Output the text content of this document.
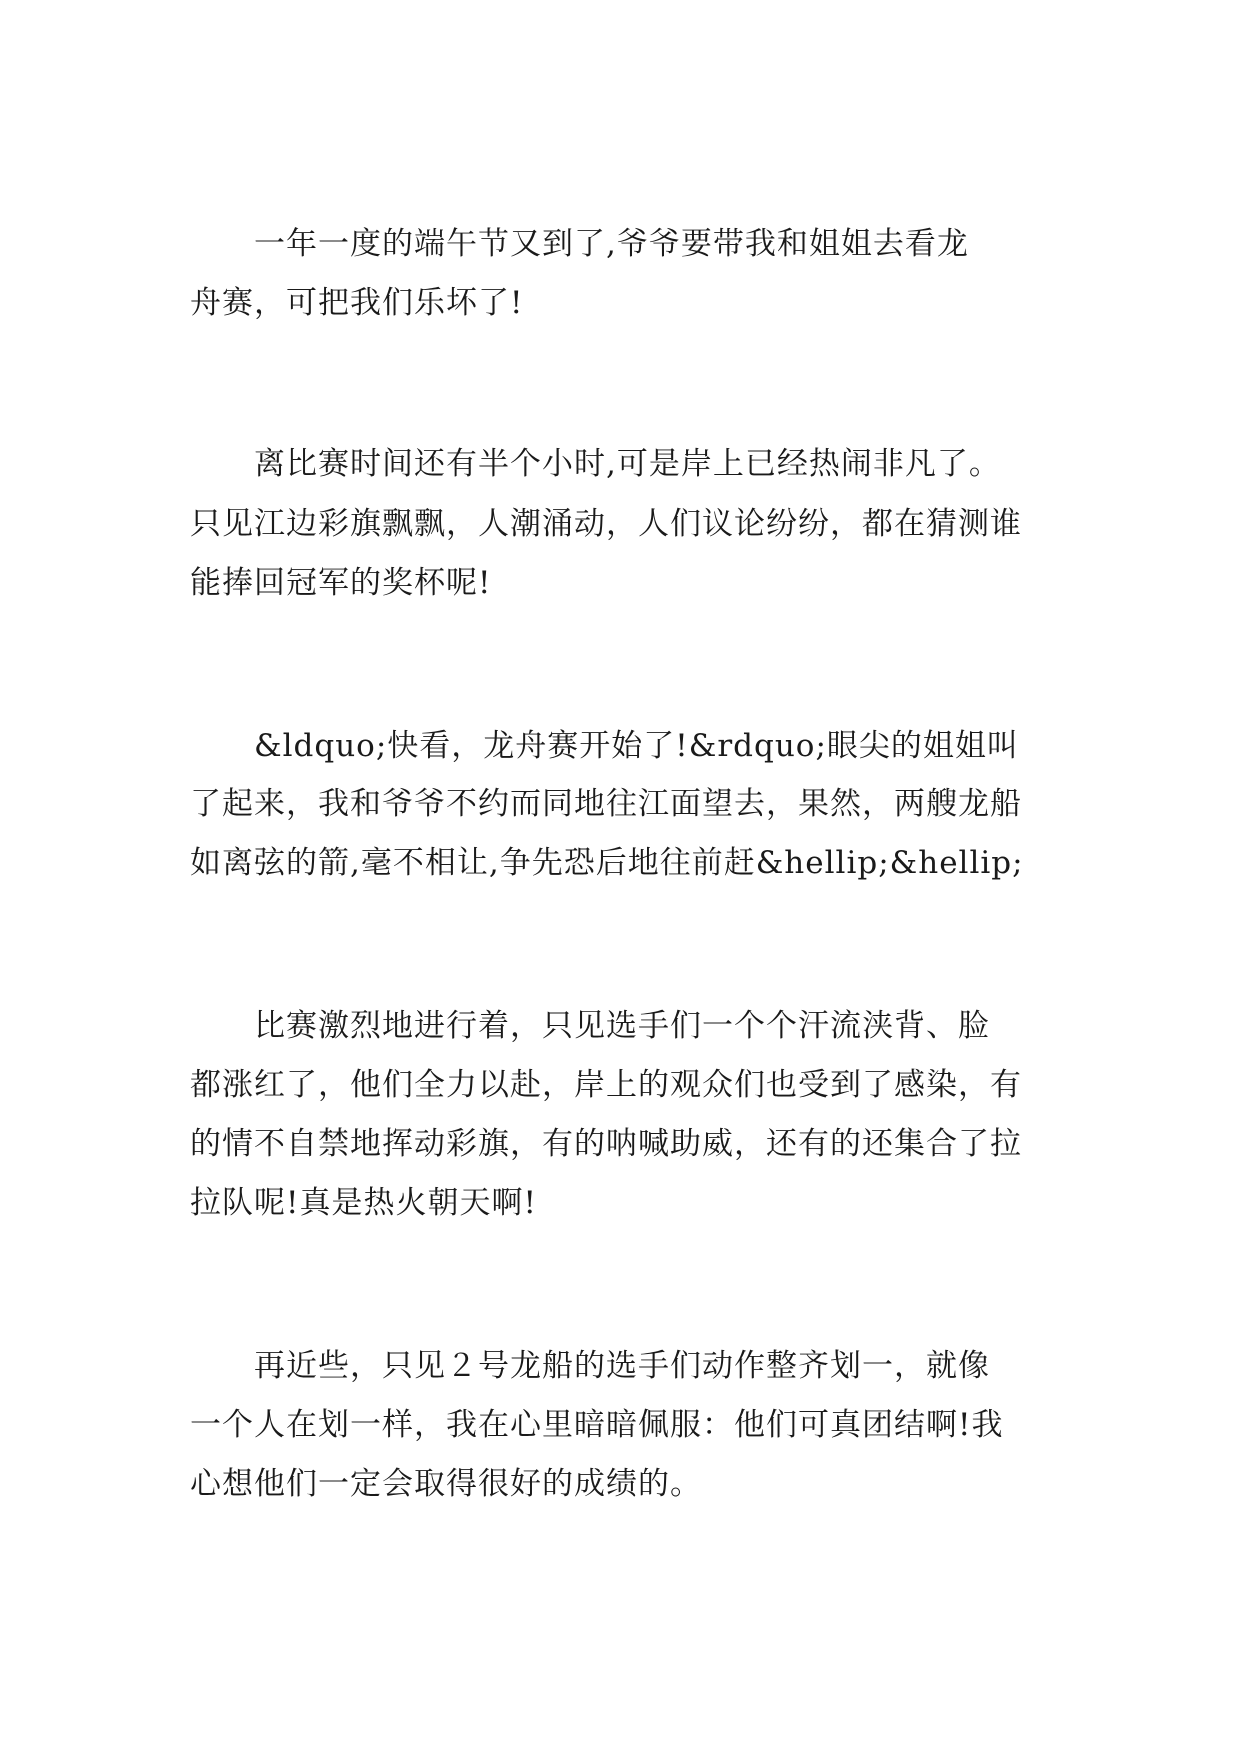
　　一年一度的端午节又到了,爷爷要带我和姐姐去看龙
舟赛，可把我们乐坏了!
　　离比赛时间还有半个小时,可是岸上已经热闹非凡了。
只见江边彩旗飘飘，人潮涌动，人们议论纷纷，都在猜测谁
能捧回冠军的奖杯呢!
　　&ldquo;快看，龙舟赛开始了!&rdquo;眼尖的姐姐叫
了起来，我和爷爷不约而同地往江面望去，果然，两艘龙船
如离弦的箭,毫不相让,争先恐后地往前赶&hellip;&hellip;
　　比赛激烈地进行着，只见选手们一个个汗流浃背、脸
都涨红了，他们全力以赴，岸上的观众们也受到了感染，有
的情不自禁地挥动彩旗，有的呐喊助威，还有的还集合了拉
拉队呢!真是热火朝天啊!
　　再近些，只见２号龙船的选手们动作整齐划一，就像
一个人在划一样，我在心里暗暗佩服：他们可真团结啊!我
心想他们一定会取得很好的成绩的。
